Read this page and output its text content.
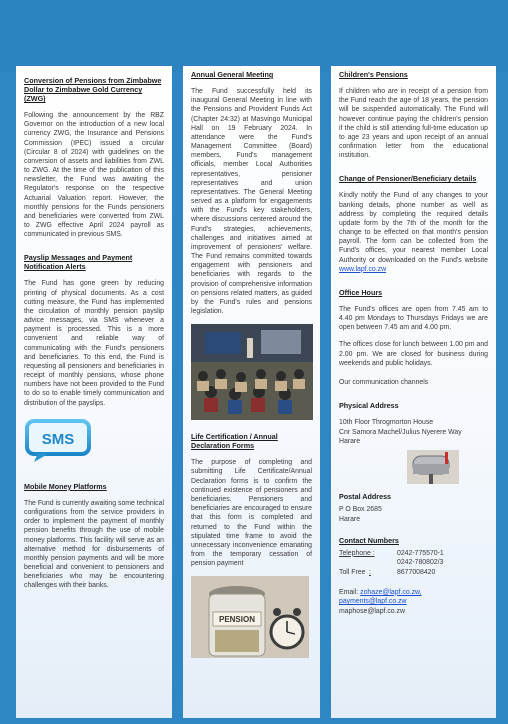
Conversion of Pensions from Zimbabwe Dollar to Zimbabwe Gold Currency (ZWG)

Following the announcement by the RBZ Governor on the introduction of a new local currency ZWG, the Insurance and Pensions Commission (IPEC) issued a circular (Circular 8 of 2024) with guidelines on the conversion of assets and liabilities from ZWL to ZWG. At the time of the publication of this newsletter, the Fund was awaiting the Regulator's response on the respective Actuarial Valuation report. However, the monthly pensions for the Funds pensioners and beneficiaries were converted from ZWL to ZWG effective April 2024 payroll as communicated in previous SMS.

Payslip Messages and Payment Notification Alerts

The Fund has gone green by reducing printing of physical documents. As a cost cutting measure, the Fund has implemented the circulation of monthly pension payslip advice messages, via SMS whenever a payment is processed. This is a more convenient and reliable way of communicating with the Fund's pensioners and beneficiaries. To this end, the Fund is requesting all pensioners and beneficiaries in receipt of monthly pensions, whose phone numbers have not been provided to the Fund to do so to enable timely communication and distribution of the payslips.

SMS
Mobile Money Platforms

The Fund is currently awaiting some technical configurations from the service providers in order to implement the payment of monthly pension benefits through the use of mobile money platforms. This facility will serve as an alternative method for disbursements of monthly pension payments and will be more beneficial and convenient to pensioners and beneficiaries who may be encountering challenges with their banks.

Annual General Meeting

The Fund successfully held its inaugural General Meeting in line with the Pensions and Provident Funds Act (Chapter 24:32) at Masvingo Municipal Hall on 19 February 2024. In attendance were the Fund's Management Committee (Board) members, Fund's management officials, member Local Authorities representatives, pensioner representatives and union representatives. The General Meeting served as a platform for engagements with the Fund's key stakeholders, where discussions centered around the Fund's strategies, achievements, challenges and initiatives aimed at improvement of pensioners' welfare. The Fund remains committed towards engagement with pensioners and beneficiaries with regards to the provision of comprehensive information on pensions related matters, as guided by the Fund's rules and pensions legislation.

Life Certification / Annual Declaration Forms

The purpose of completing and submitting Life Certificate/Annual Declaration forms is to confirm the continued existence of pensioners and beneficiaries. Pensioners and beneficiaries are encouraged to ensure that this form is completed and returned to the Fund within the stipulated time frame to avoid the unnecessary inconvenience emanating from the temporary cessation of pension payment

PENSION
Children's Pensions

If children who are in receipt of a pension from the Fund reach the age of 18 years, the pension will be suspended automatically. The Fund will however continue paying the children's pension if the child is still attending full-time education up to age 23 years and upon receipt of an annual confirmation letter from the educational institution.

Change of Pensioner/Beneficiary details

Kindly notify the Fund of any changes to your banking details, phone number as well as address by completing the required details update form by the 7th of the month for the change to be effected on that month's pension payroll. The form can be collected from the Fund's offices, your nearest member Local Authority or downloaded on the Fund's website www.lapf.co.zw

Office Hours

The Fund's offices are open from 7.45 am to 4.40 pm Mondays to Thursdays Fridays we are open between 7.45 am and 4.00 pm.

The offices close for lunch between 1.00 pm and 2.00 pm. We are closed for business during weekends and public holidays.

Our communication channels

Physical Address

10th Floor Throgmorton House

Cnr Samora Machel/Julius Nyerere Way

Harare

Postal Address

P O Box 2685

Harare

Contact Numbers
Telephone :	0242-775570-1
0242-780802/3
Toll Free :	8677008420
Email: zohaze@lapf.co.zw,
payments@lapf.co.zw
maphose@lapf.co.zw
